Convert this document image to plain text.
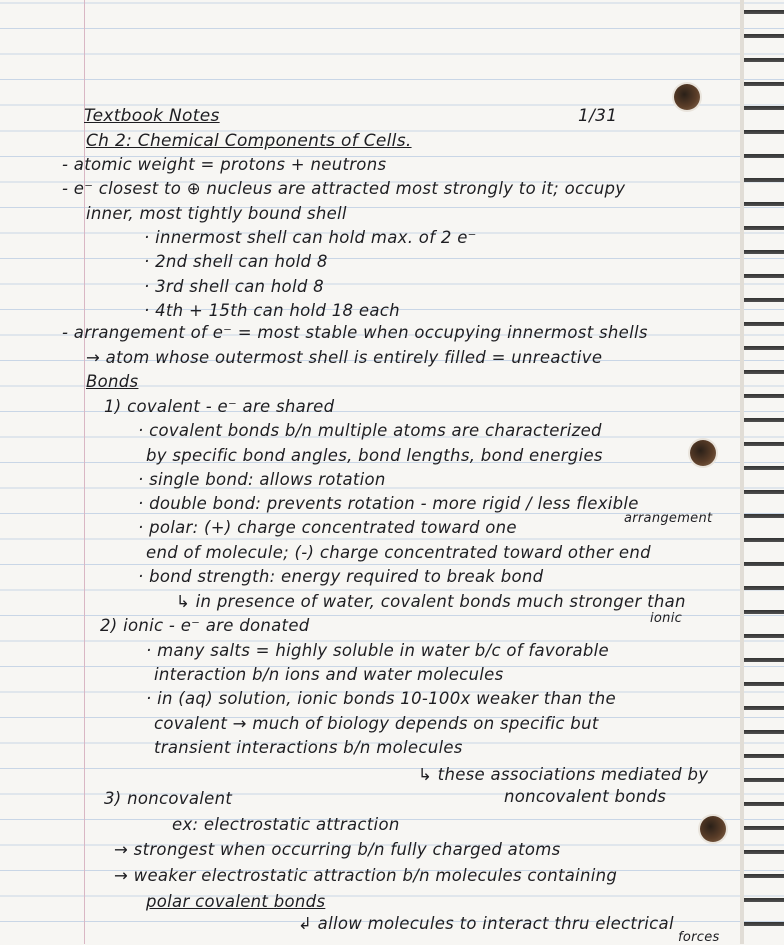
Textbook Notes	1/31
Ch 2: Chemical Components of Cells.
- atomic weight = protons + neutrons
- e⁻ closest to ⊕ nucleus are attracted most strongly to it; occupy
inner, most tightly bound shell
· innermost shell can hold max. of 2 e⁻
· 2nd shell can hold 8
· 3rd shell can hold 8
· 4th + 15th can hold 18 each
- arrangement of e⁻ = most stable when occupying innermost shells
→ atom whose outermost shell is entirely filled = unreactive
Bonds
1) covalent - e⁻ are shared
· covalent bonds b/n multiple atoms are characterized
by specific bond angles, bond lengths, bond energies
· single bond: allows rotation
· double bond: prevents rotation - more rigid / less flexible
arrangement
· polar: (+) charge concentrated toward one
end of molecule; (-) charge concentrated toward other end
· bond strength: energy required to break bond
↳ in presence of water, covalent bonds much stronger than
ionic
2) ionic - e⁻ are donated
· many salts = highly soluble in water b/c of favorable
interaction b/n ions and water molecules
· in (aq) solution, ionic bonds 10-100x weaker than the
covalent → much of biology depends on specific but
transient interactions b/n molecules
↳ these associations mediated by
noncovalent bonds
3) noncovalent
ex: electrostatic attraction
→ strongest when occurring b/n fully charged atoms
→ weaker electrostatic attraction b/n molecules containing
polar covalent bonds
↲ allow molecules to interact thru electrical
forces
